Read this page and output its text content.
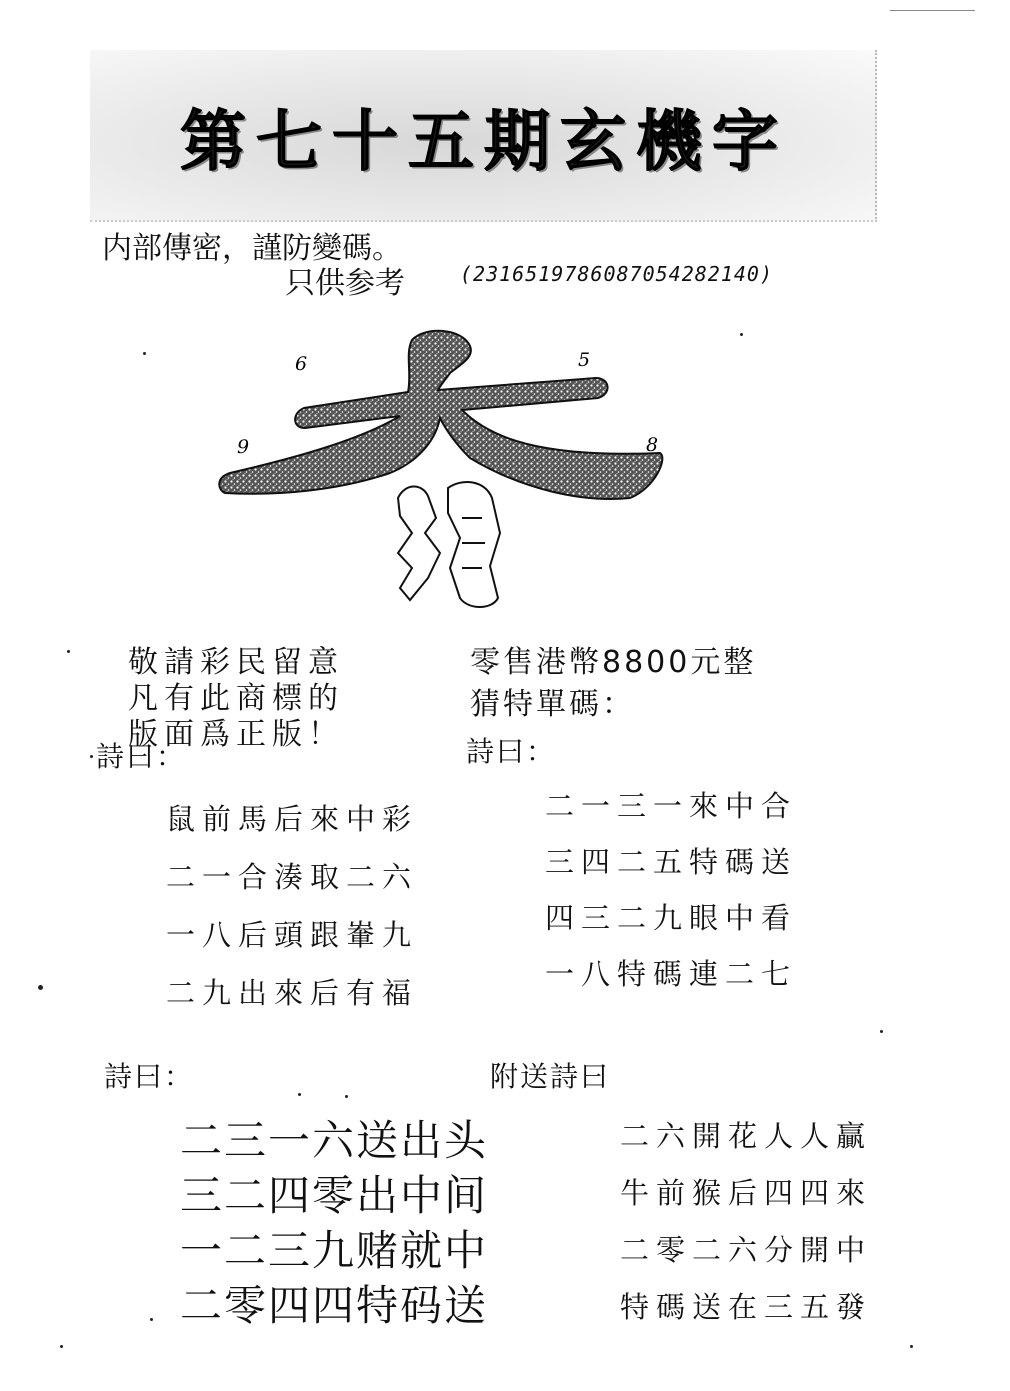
第七十五期玄機字
内部傳密，謹防變碼。
只供参考	(2316519786087054282140)
6	5
9	8
敬請彩民留意
凡有此商標的
版面爲正版！
零售港幣8800元整
猜特單碼：
詩曰：	詩曰：
鼠前馬后來中彩
二一合湊取二六
一八后頭跟輋九
二九出來后有福
二一三一來中合
三四二五特碼送
四三二九眼中看
一八特碼連二七
詩曰：	附送詩曰
二三一六送出头
三二四零出中间
一二三九赌就中
二零四四特码送
二六開花人人贏
牛前猴后四四來
二零二六分開中
特碼送在三五發
